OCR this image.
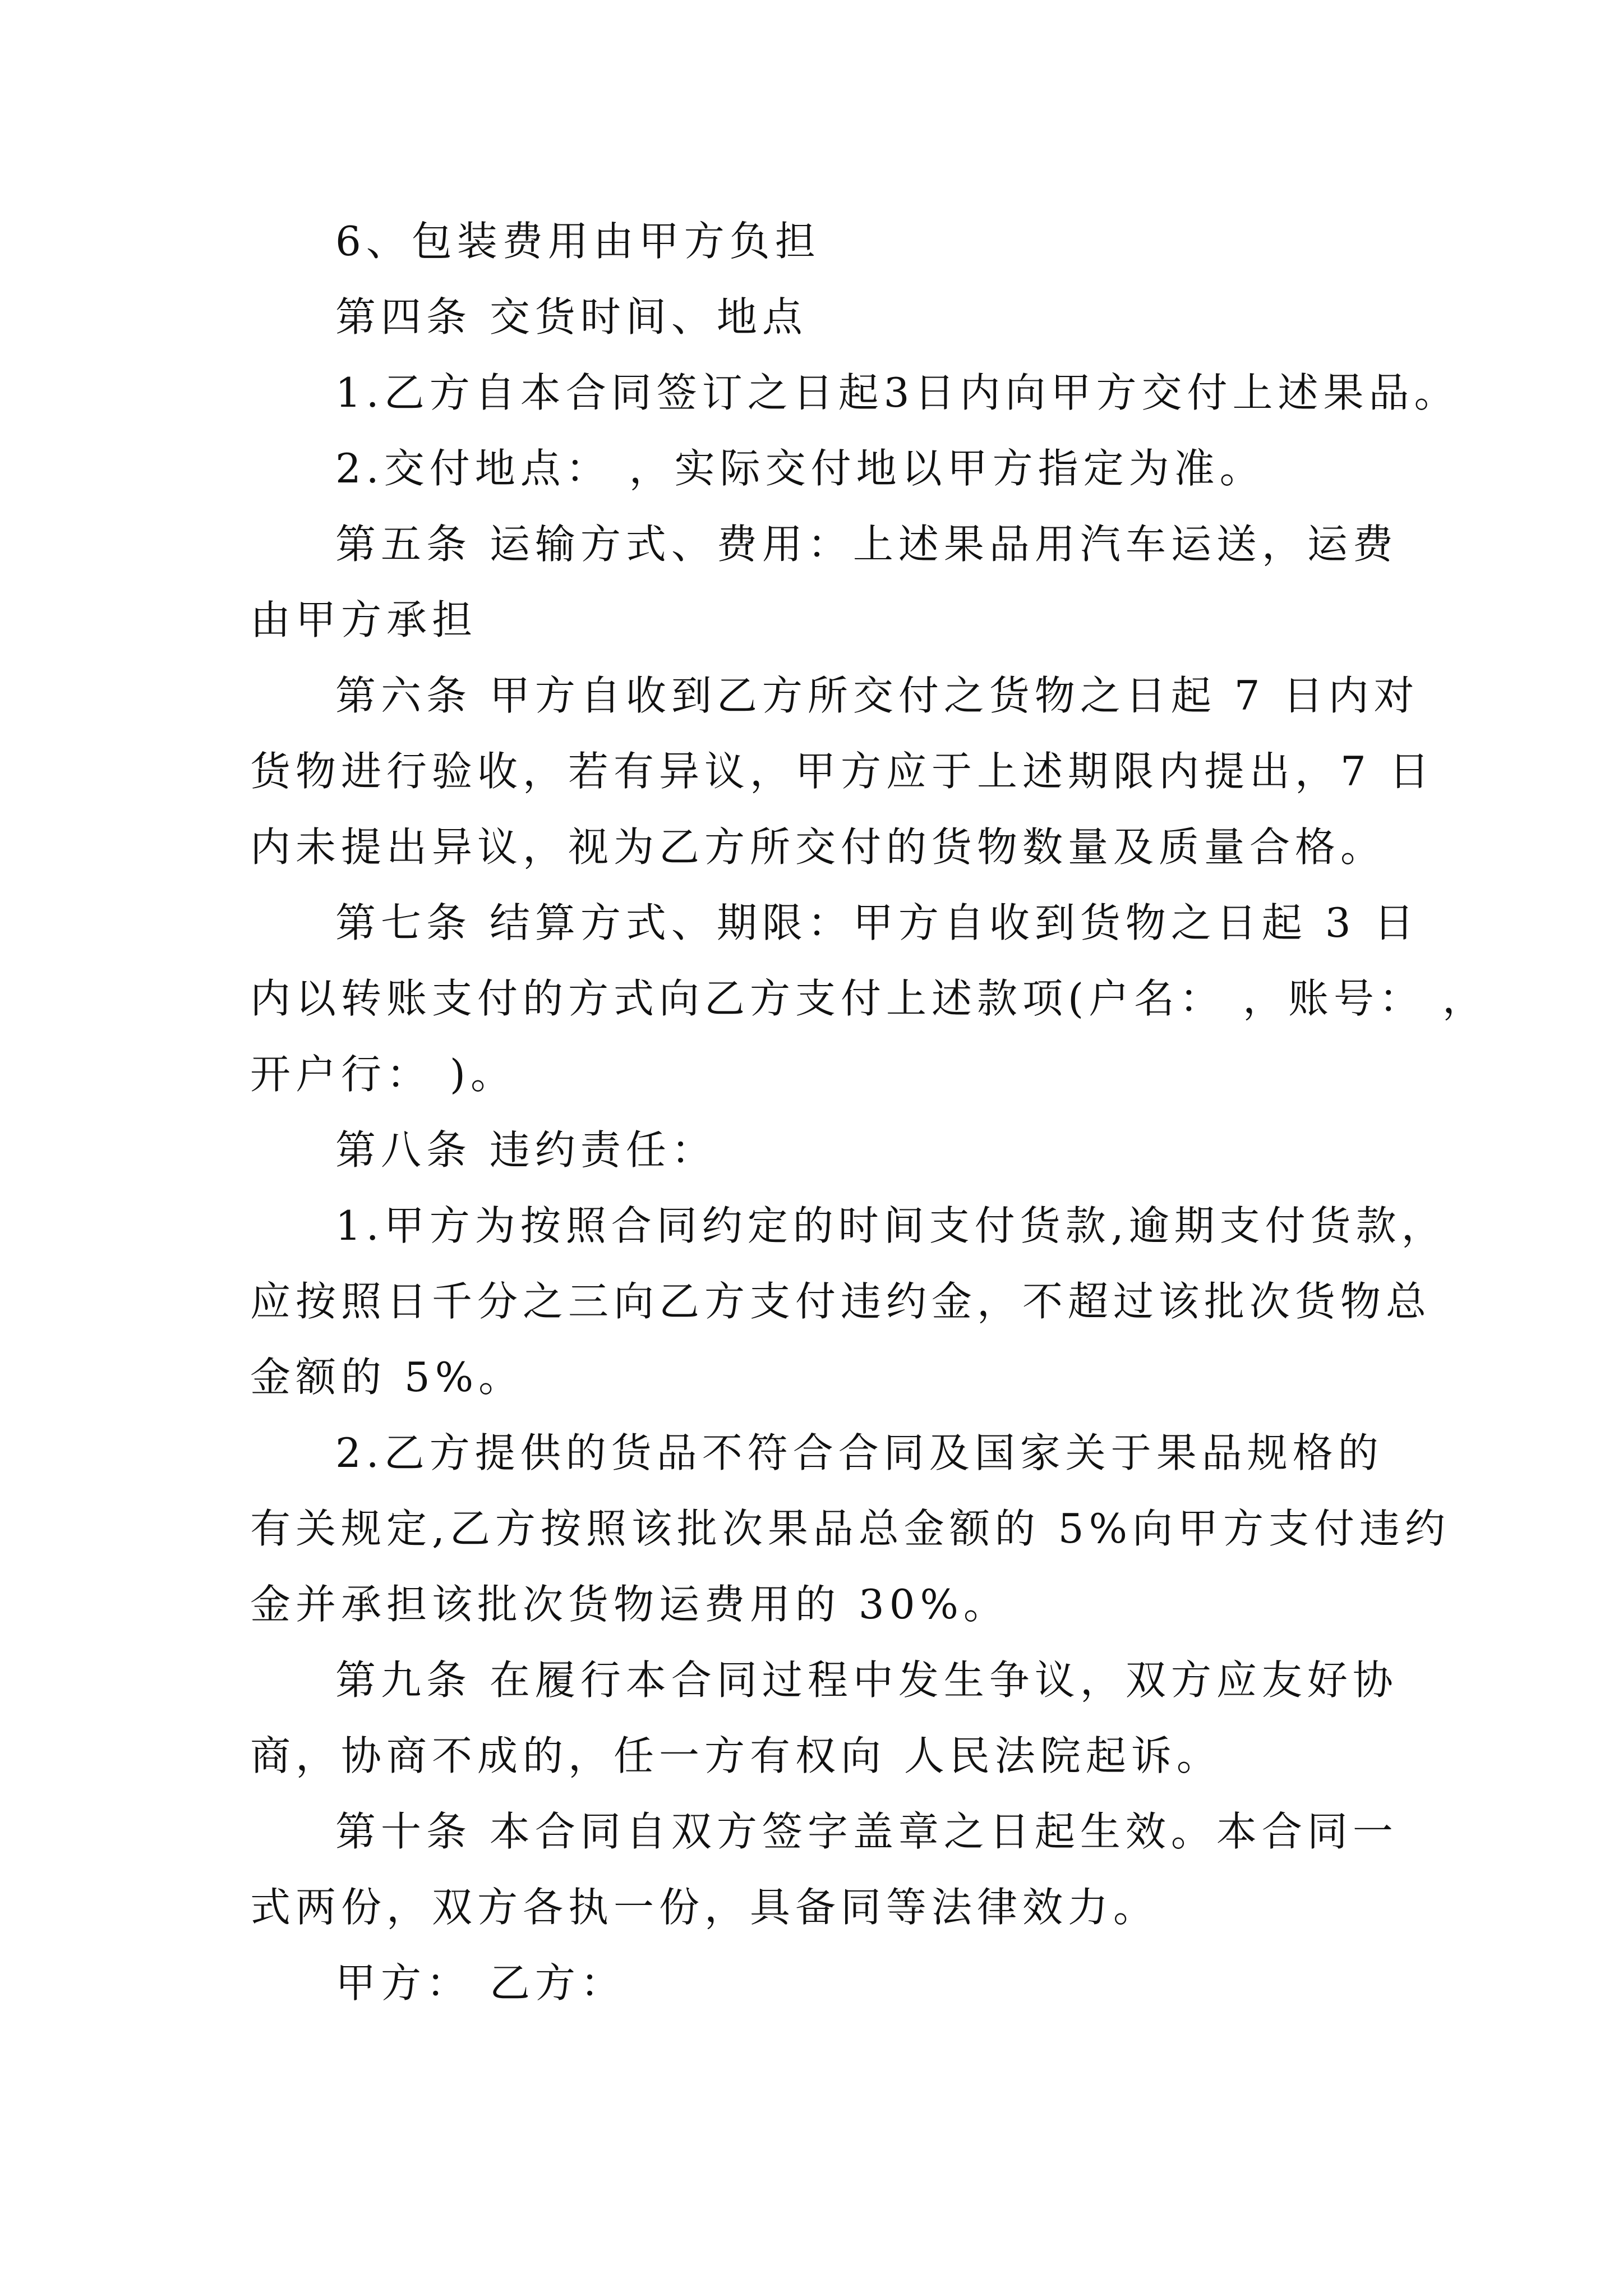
6、包装费用由甲方负担
第四条 交货时间、地点
1.乙方自本合同签订之日起3日内向甲方交付上述果品。
2.交付地点： ，实际交付地以甲方指定为准。
第五条 运输方式、费用：上述果品用汽车运送，运费
由甲方承担
第六条 甲方自收到乙方所交付之货物之日起 7 日内对
货物进行验收，若有异议，甲方应于上述期限内提出，7 日
内未提出异议，视为乙方所交付的货物数量及质量合格。
第七条 结算方式、期限：甲方自收到货物之日起 3 日
内以转账支付的方式向乙方支付上述款项(户名： ，账号： ，
开户行： )。
第八条 违约责任：
1.甲方为按照合同约定的时间支付货款,逾期支付货款，
应按照日千分之三向乙方支付违约金，不超过该批次货物总
金额的 5%。
2.乙方提供的货品不符合合同及国家关于果品规格的
有关规定,乙方按照该批次果品总金额的 5%向甲方支付违约
金并承担该批次货物运费用的 30%。
第九条 在履行本合同过程中发生争议，双方应友好协
商，协商不成的，任一方有权向 人民法院起诉。
第十条 本合同自双方签字盖章之日起生效。本合同一
式两份，双方各执一份，具备同等法律效力。
甲方： 乙方：
